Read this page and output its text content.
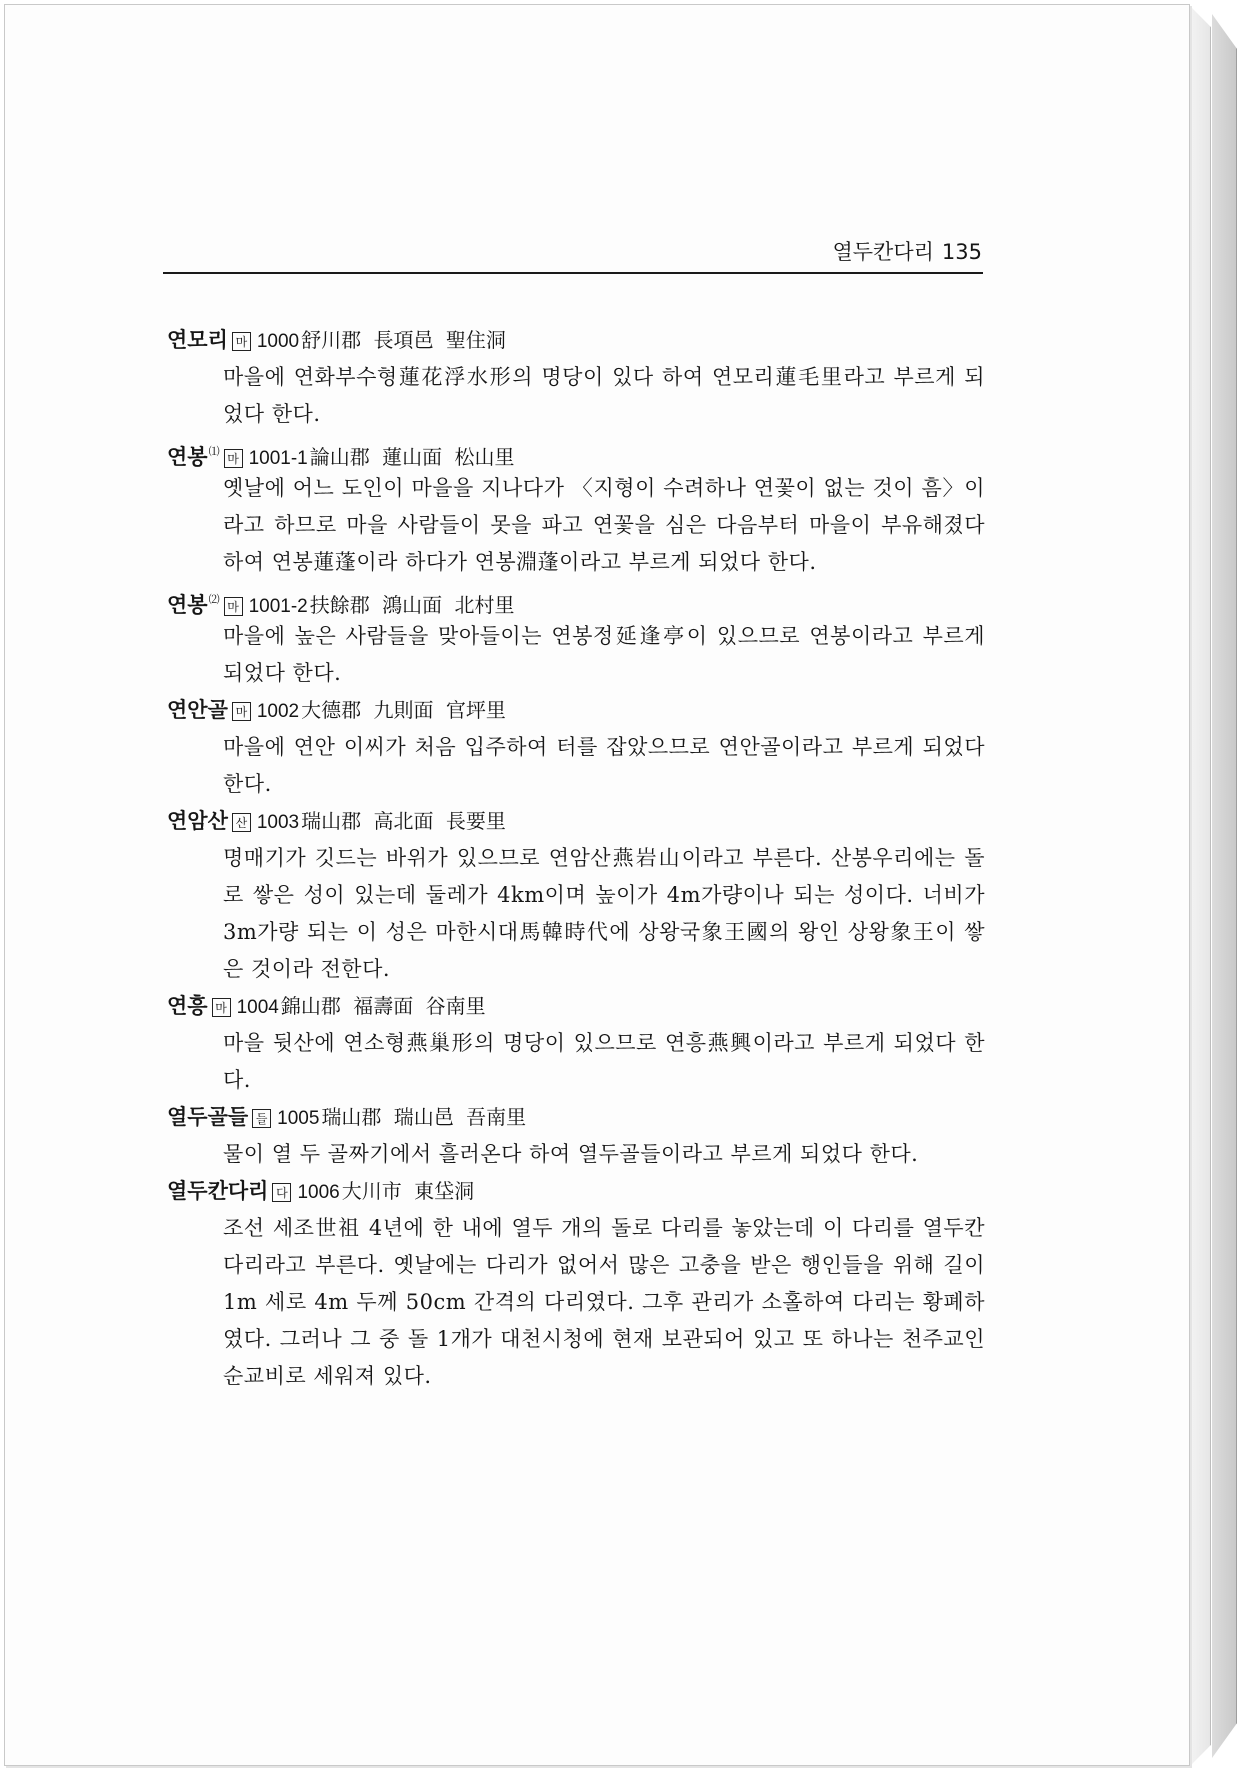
열두칸다리 135
연모리 마 1000 舒川郡 長項邑 聖住洞

마을에 연화부수형蓮花浮水形의 명당이 있다 하여 연모리蓮毛里라고 부르게 되었다 한다.

연봉⑴마 1001-1 論山郡 蓮山面 松山里

옛날에 어느 도인이 마을을 지나다가 〈지형이 수려하나 연꽃이 없는 것이 흠〉이라고 하므로 마을 사람들이 못을 파고 연꽃을 심은 다음부터 마을이 부유해졌다 하여 연봉蓮蓬이라 하다가 연봉淵蓬이라고 부르게 되었다 한다.

연봉⑵마 1001-2 扶餘郡 鴻山面 北村里

마을에 높은 사람들을 맞아들이는 연봉정延逢亭이 있으므로 연봉이라고 부르게 되었다 한다.

연안골 마 1002 大德郡 九則面 官坪里

마을에 연안 이씨가 처음 입주하여 터를 잡았으므로 연안골이라고 부르게 되었다 한다.

연암산 산 1003 瑞山郡 高北面 長要里

명매기가 깃드는 바위가 있으므로 연암산燕岩山이라고 부른다. 산봉우리에는 돌로 쌓은 성이 있는데 둘레가 4km이며 높이가 4m가량이나 되는 성이다. 너비가 3m가량 되는 이 성은 마한시대馬韓時代에 상왕국象王國의 왕인 상왕象王이 쌓은 것이라 전한다.

연흥 마 1004 錦山郡 福壽面 谷南里

마을 뒷산에 연소형燕巢形의 명당이 있으므로 연흥燕興이라고 부르게 되었다 한다.

열두골들 들 1005 瑞山郡 瑞山邑 吾南里

물이 열 두 골짜기에서 흘러온다 하여 열두골들이라고 부르게 되었다 한다.

열두칸다리 다 1006 大川市 東垈洞

조선 세조世祖 4년에 한 내에 열두 개의 돌로 다리를 놓았는데 이 다리를 열두칸다리라고 부른다. 옛날에는 다리가 없어서 많은 고충을 받은 행인들을 위해 길이 1m 세로 4m 두께 50cm 간격의 다리였다. 그후 관리가 소홀하여 다리는 황폐하였다. 그러나 그 중 돌 1개가 대천시청에 현재 보관되어 있고 또 하나는 천주교인순교비로 세워져 있다.
